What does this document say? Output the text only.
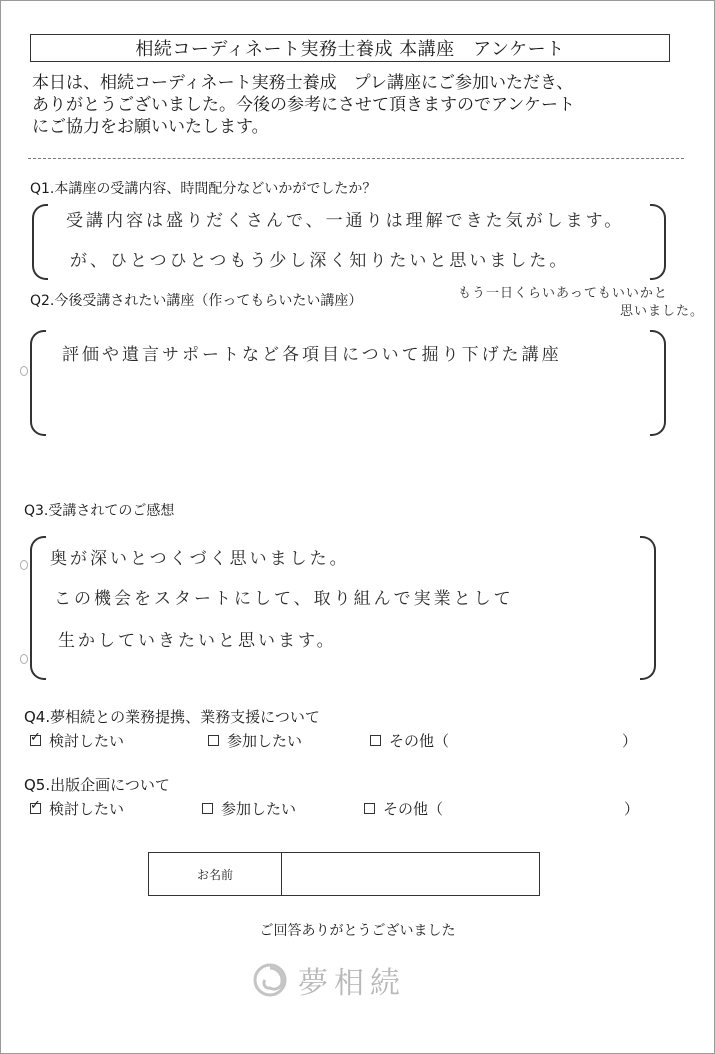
相続コーディネート実務士養成 本講座　アンケート
本日は、相続コーディネート実務士養成　プレ講座にご参加いただき、
ありがとうございました。今後の参考にさせて頂きますのでアンケート
にご協力をお願いいたします。
Q1.本講座の受講内容、時間配分などいかがでしたか？
受講内容は盛りだくさんで、一通りは理解できた気がします。
が、ひとつひとつもう少し深く知りたいと思いました。
もう一日くらいあってもいいかと
思いました。
Q2.今後受講されたい講座（作ってもらいたい講座）
評価や遺言サポートなど各項目について掘り下げた講座
Q3.受講されてのご感想
奥が深いとつくづく思いました。
この機会をスタートにして、取り組んで実業として
生かしていきたいと思います。
Q4.夢相続との業務提携、業務支援について
✓
検討したい	参加したい	その他（	）
Q5.出版企画について
✓
検討したい	参加したい	その他（	）
お名前
ご回答ありがとうございました
夢相続
